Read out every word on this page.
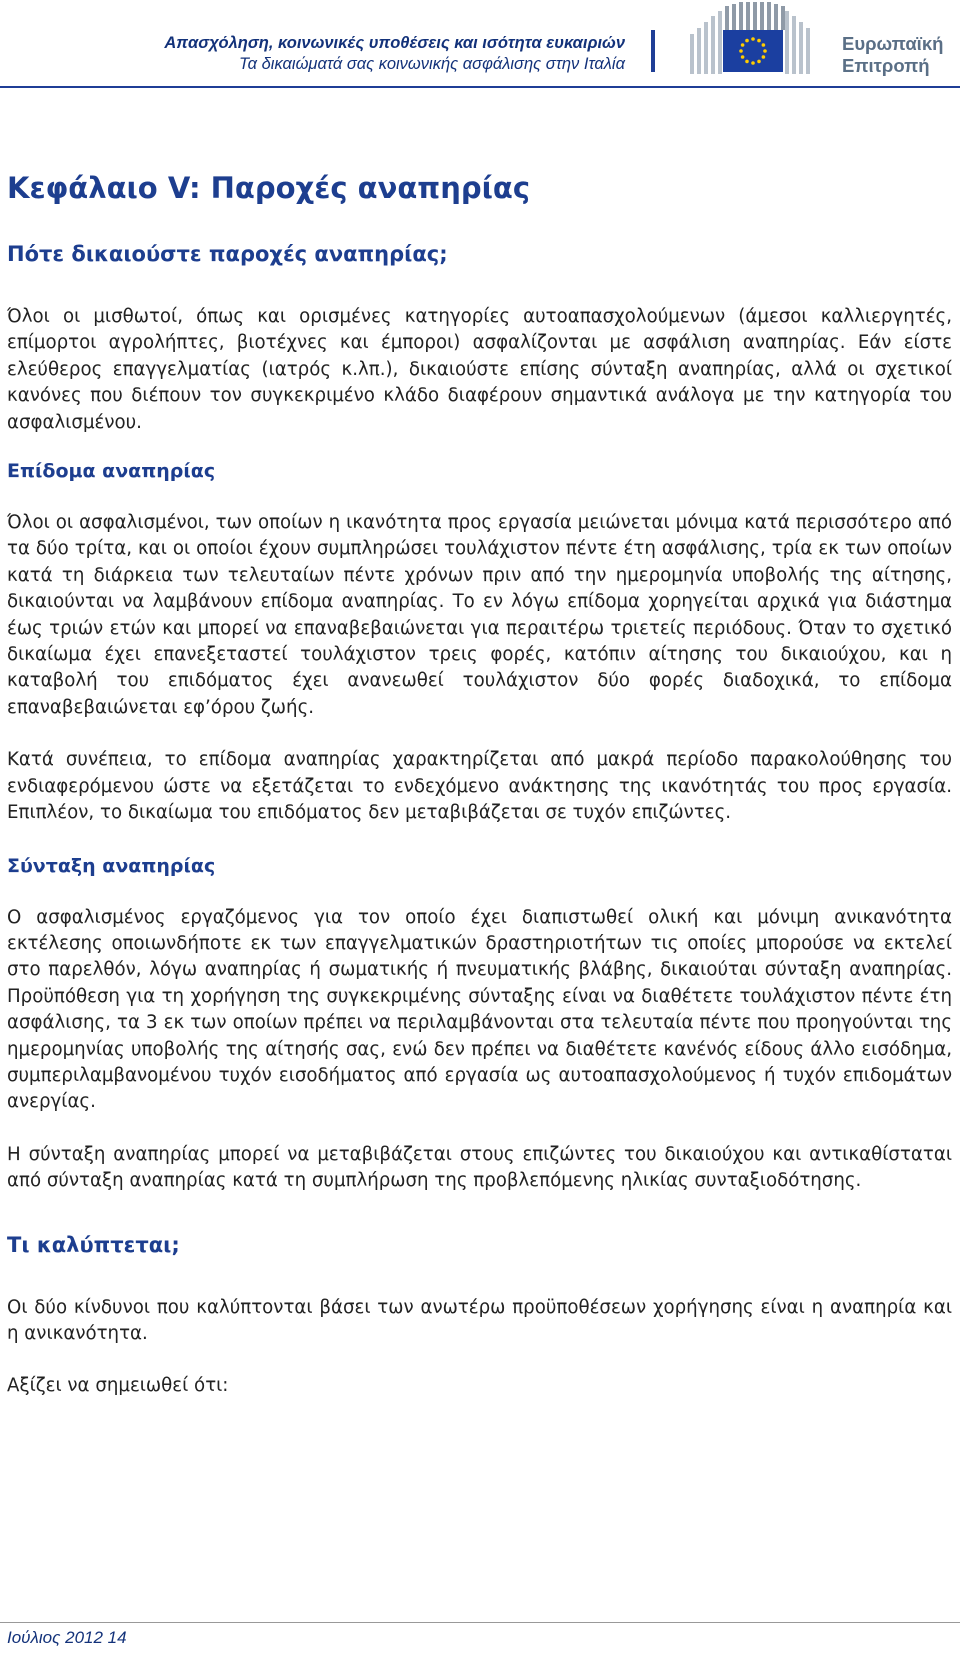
Απασχόληση, κοινωνικές υποθέσεις και ισότητα ευκαιριών
Τα δικαιώματά σας κοινωνικής ασφάλισης στην Ιταλία
Ευρωπαϊκή
Επιτροπή
Κεφάλαιο V: Παροχές αναπηρίας
Πότε δικαιούστε παροχές αναπηρίας;

Όλοι οι μισθωτοί, όπως και ορισμένες κατηγορίες αυτοαπασχολούμενων (άμεσοι καλλιεργητές, επίμορτοι αγρολήπτες, βιοτέχνες και έμποροι) ασφαλίζονται με ασφάλιση αναπηρίας. Εάν είστε ελεύθερος επαγγελματίας (ιατρός κ.λπ.), δικαιούστε επίσης σύνταξη αναπηρίας, αλλά οι σχετικοί κανόνες που διέπουν τον συγκεκριμένο κλάδο διαφέρουν σημαντικά ανάλογα με την κατηγορία του ασφαλισμένου.

Επίδομα αναπηρίας

Όλοι οι ασφαλισμένοι, των οποίων η ικανότητα προς εργασία μειώνεται μόνιμα κατά περισσότερο από τα δύο τρίτα, και οι οποίοι έχουν συμπληρώσει τουλάχιστον πέντε έτη ασφάλισης, τρία εκ των οποίων κατά τη διάρκεια των τελευταίων πέντε χρόνων πριν από την ημερομηνία υποβολής της αίτησης, δικαιούνται να λαμβάνουν επίδομα αναπηρίας. Το εν λόγω επίδομα χορηγείται αρχικά για διάστημα έως τριών ετών και μπορεί να επαναβεβαιώνεται για περαιτέρω τριετείς περιόδους. Όταν το σχετικό δικαίωμα έχει επανεξεταστεί τουλάχιστον τρεις φορές, κατόπιν αίτησης του δικαιούχου, και η καταβολή του επιδόματος έχει ανανεωθεί τουλάχιστον δύο φορές διαδοχικά, το επίδομα επαναβεβαιώνεται εφ’όρου ζωής.

Κατά συνέπεια, το επίδομα αναπηρίας χαρακτηρίζεται από μακρά περίοδο παρακολούθησης του ενδιαφερόμενου ώστε να εξετάζεται το ενδεχόμενο ανάκτησης της ικανότητάς του προς εργασία. Επιπλέον, το δικαίωμα του επιδόματος δεν μεταβιβάζεται σε τυχόν επιζώντες.

Σύνταξη αναπηρίας

Ο ασφαλισμένος εργαζόμενος για τον οποίο έχει διαπιστωθεί ολική και μόνιμη ανικανότητα εκτέλεσης οποιωνδήποτε εκ των επαγγελματικών δραστηριοτήτων τις οποίες μπορούσε να εκτελεί στο παρελθόν, λόγω αναπηρίας ή σωματικής ή πνευματικής βλάβης, δικαιούται σύνταξη αναπηρίας. Προϋπόθεση για τη χορήγηση της συγκεκριμένης σύνταξης είναι να διαθέτετε τουλάχιστον πέντε έτη ασφάλισης, τα 3 εκ των οποίων πρέπει να περιλαμβάνονται στα τελευταία πέντε που προηγούνται της ημερομηνίας υποβολής της αίτησής σας, ενώ δεν πρέπει να διαθέτετε κανένός είδους άλλο εισόδημα, συμπεριλαμβανομένου τυχόν εισοδήματος από εργασία ως αυτοαπασχολούμενος ή τυχόν επιδομάτων ανεργίας.

Η σύνταξη αναπηρίας μπορεί να μεταβιβάζεται στους επιζώντες του δικαιούχου και αντικαθίσταται από σύνταξη αναπηρίας κατά τη συμπλήρωση της προβλεπόμενης ηλικίας συνταξιοδότησης.

Τι καλύπτεται;

Οι δύο κίνδυνοι που καλύπτονται βάσει των ανωτέρω προϋποθέσεων χορήγησης είναι η αναπηρία και η ανικανότητα.

Αξίζει να σημειωθεί ότι:

Ιούλιος 2012 14
